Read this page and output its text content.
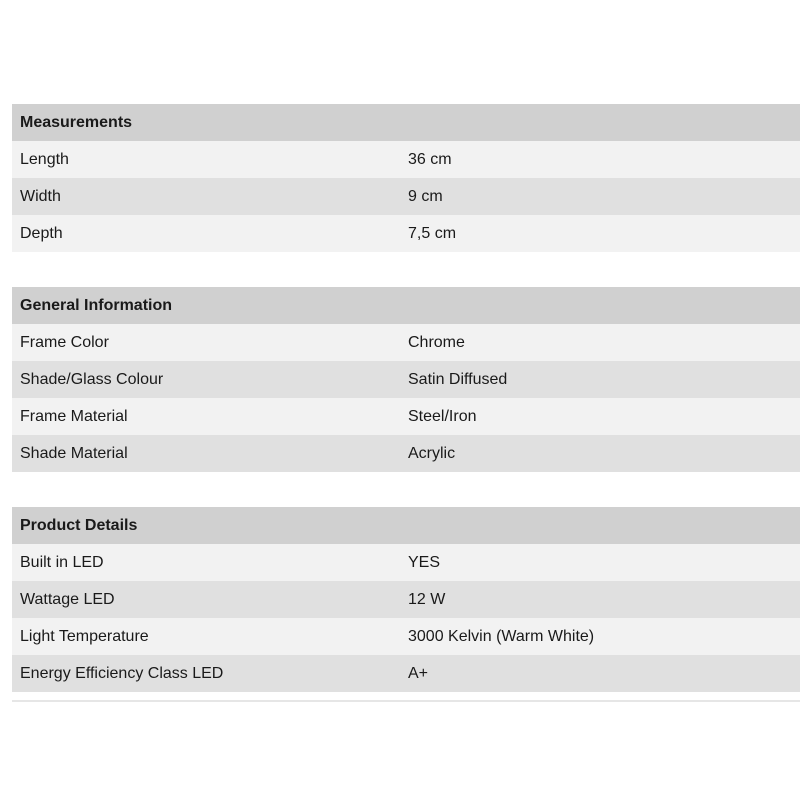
Measurements
Length	36 cm
Width	9 cm
Depth	7,5 cm
General Information
Frame Color	Chrome
Shade/Glass Colour	Satin Diffused
Frame Material	Steel/Iron
Shade Material	Acrylic
Product Details
Built in LED	YES
Wattage LED	12 W
Light Temperature	3000 Kelvin (Warm White)
Energy Efficiency Class LED	A+
